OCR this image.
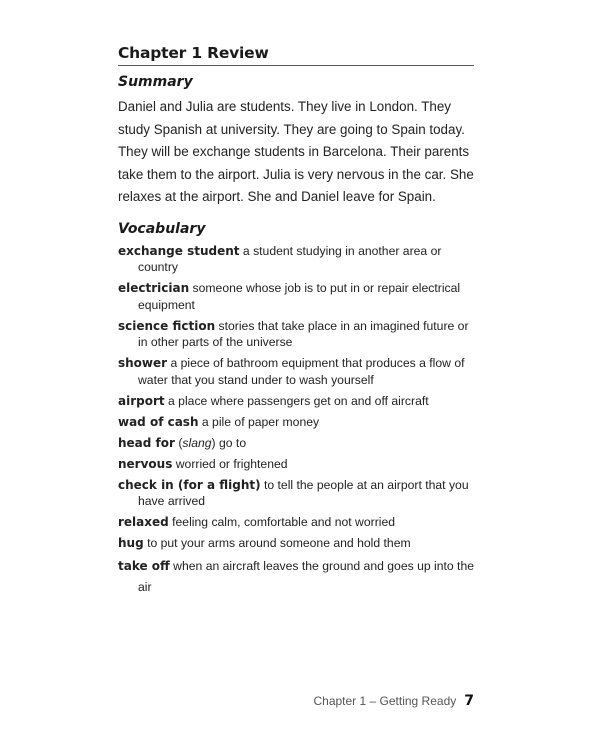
Chapter 1 Review
Summary

Daniel and Julia are students. They live in London. They study Spanish at university. They are going to Spain today. They will be exchange students in Barcelona. Their parents take them to the airport. Julia is very nervous in the car. She relaxes at the airport. She and Daniel leave for Spain.

Vocabulary
exchange student a student studying in another area or country
electrician someone whose job is to put in or repair electrical equipment
science fiction stories that take place in an imagined future or in other parts of the universe
shower a piece of bathroom equipment that produces a flow of water that you stand under to wash yourself
airport a place where passengers get on and off aircraft
wad of cash a pile of paper money
head for (slang) go to
nervous worried or frightened
check in (for a flight) to tell the people at an airport that you have arrived
relaxed feeling calm, comfortable and not worried
hug to put your arms around someone and hold them
take off when an aircraft leaves the ground and goes up into the air
Chapter 1 – Getting Ready 7
